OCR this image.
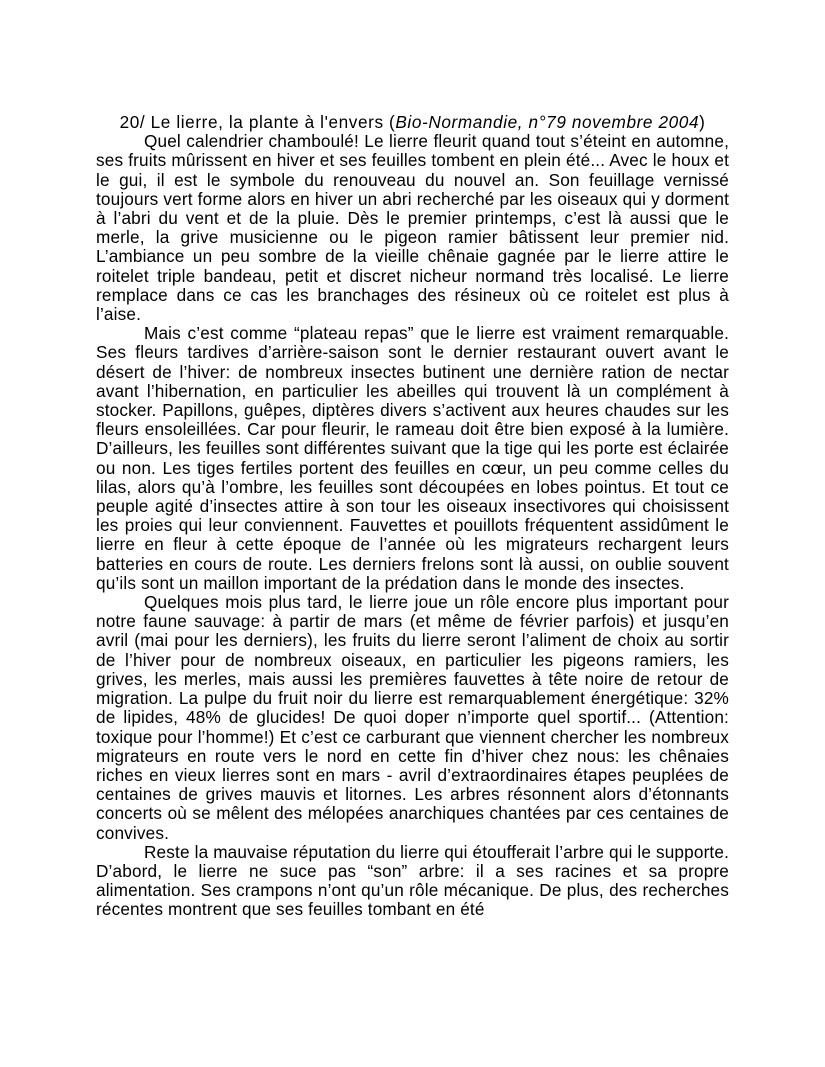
20/ Le lierre, la plante à l'envers (Bio-Normandie, n°79 novembre 2004)

Quel calendrier chamboulé! Le lierre fleurit quand tout s’éteint en automne, ses fruits mûrissent en hiver et ses feuilles tombent en plein été... Avec le houx et le gui, il est le symbole du renouveau du nouvel an. Son feuillage vernissé toujours vert forme alors en hiver un abri recherché par les oiseaux qui y dorment à l’abri du vent et de la pluie. Dès le premier printemps, c’est là aussi que le merle, la grive musicienne ou le pigeon ramier bâtissent leur premier nid. L’ambiance un peu sombre de la vieille chênaie gagnée par le lierre attire le roitelet triple bandeau, petit et discret nicheur normand très localisé. Le lierre remplace dans ce cas les branchages des résineux où ce roitelet est plus à l’aise.

Mais c’est comme “plateau repas” que le lierre est vraiment remarquable. Ses fleurs tardives d’arrière-saison sont le dernier restaurant ouvert avant le désert de l’hiver: de nombreux insectes butinent une dernière ration de nectar avant l’hibernation, en particulier les abeilles qui trouvent là un complément à stocker. Papillons, guêpes, diptères divers s’activent aux heures chaudes sur les fleurs ensoleillées. Car pour fleurir, le rameau doit être bien exposé à la lumière. D’ailleurs, les feuilles sont différentes suivant que la tige qui les porte est éclairée ou non. Les tiges fertiles portent des feuilles en cœur, un peu comme celles du lilas, alors qu’à l’ombre, les feuilles sont découpées en lobes pointus. Et tout ce peuple agité d’insectes attire à son tour les oiseaux insectivores qui choisissent les proies qui leur conviennent. Fauvettes et pouillots fréquentent assidûment le lierre en fleur à cette époque de l’année où les migrateurs rechargent leurs batteries en cours de route. Les derniers frelons sont là aussi, on oublie souvent qu’ils sont un maillon important de la prédation dans le monde des insectes.

Quelques mois plus tard, le lierre joue un rôle encore plus important pour notre faune sauvage: à partir de mars (et même de février parfois) et jusqu’en avril (mai pour les derniers), les fruits du lierre seront l’aliment de choix au sortir de l’hiver pour de nombreux oiseaux, en particulier les pigeons ramiers, les grives, les merles, mais aussi les premières fauvettes à tête noire de retour de migration. La pulpe du fruit noir du lierre est remarquablement énergétique: 32% de lipides, 48% de glucides! De quoi doper n’importe quel sportif... (Attention: toxique pour l’homme!) Et c’est ce carburant que viennent chercher les nombreux migrateurs en route vers le nord en cette fin d’hiver chez nous: les chênaies riches en vieux lierres sont en mars - avril d’extraordinaires étapes peuplées de centaines de grives mauvis et litornes. Les arbres résonnent alors d’étonnants concerts où se mêlent des mélopées anarchiques chantées par ces centaines de convives.

Reste la mauvaise réputation du lierre qui étoufferait l’arbre qui le supporte. D’abord, le lierre ne suce pas “son” arbre: il a ses racines et sa propre alimentation. Ses crampons n’ont qu’un rôle mécanique. De plus, des recherches récentes montrent que ses feuilles tombant en été
